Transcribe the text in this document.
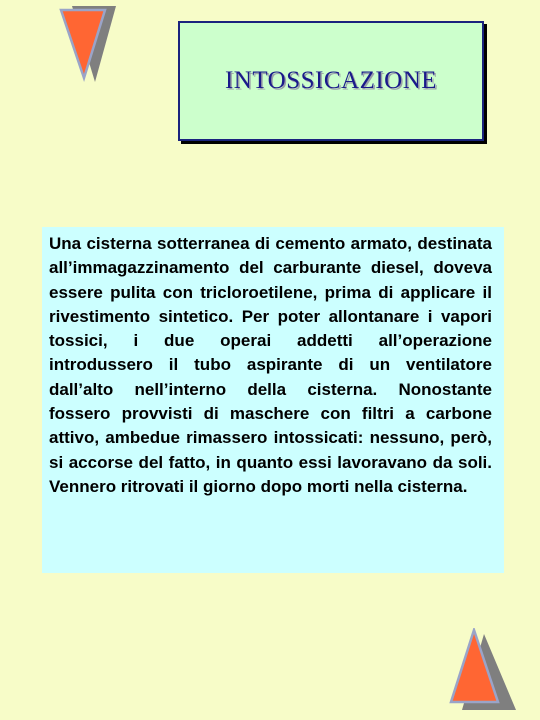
INTOSSICAZIONE

Una cisterna sotterranea di cemento armato, destinata all’immagazzinamento del carburante diesel, doveva essere pulita con tricloroetilene, prima di applicare il rivestimento sintetico. Per poter allontanare i vapori tossici, i due operai addetti all’operazione introdussero il tubo aspirante di un ventilatore dall’alto nell’interno della cisterna. Nonostante fossero provvisti di maschere con filtri a carbone attivo, ambedue rimassero intossicati: nessuno, però, si accorse del fatto, in quanto essi lavoravano da soli. Vennero ritrovati il giorno dopo morti nella cisterna.
